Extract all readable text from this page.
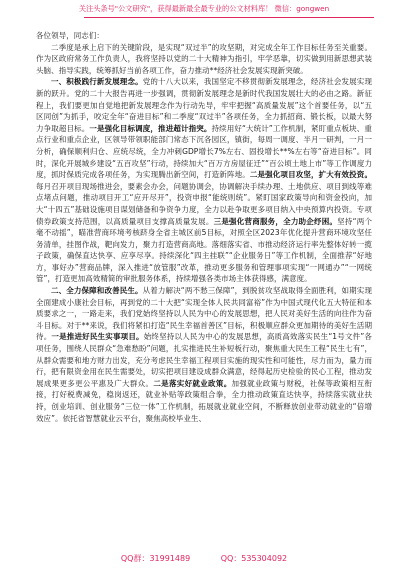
关注头条号"公文研究"，获得最新最全最专业的公文材料库！ 微信：gongwen

各位领导，同志们：

二季度是承上启下的关键阶段，是实现“双过半”的攻坚期，对完成全年工作目标任务至关重要。作为区政府常务工作负责人，我将坚持以党的二十大精神为指引，牢学恶靠，切实做到用新思想武装头脑、指导实践，统筹抓好当前各项工作，奋力推动**经济社会发展实现新突破。

一、积极践行新发展理念。党的十八大以来，我国坚定不移贯彻新发展理念，经济社会发展实现新的跃升。党的二十大报告再进一步强调，贯彻新发展理念是新时代我国发展壮大的必由之路。新征程上，我们要更加自觉地把新发展理念作为行动先导，牢牢把握“高质量发展”这个首要任务，以“五区同创”为抓手，咬定全年“奋进目标”和二季度“双过半”各项任务，全力抓招商、锻长板，以最大努力争取超目标。一是强化目标调度，推进超计指突。持续用好“大统计”工作机制，紧盯重点板块、重点行业和重点企业，区领导带领职能部门常态下沉各园区，镇街，每周一调度、半月一研判，一月一分析，确保顺利归仓、应统尽统，全力冲刺GDP增长7%左右、固投增长**%左右等“奋进目标”。同时，深化开展城乡建设“五百攻坚”行动，持续加大“百万方房屋征迁”“百公顷土地上市”等工作调度力度，抓时保质完成各项任务，为实现腾出新空间，打造新阵地。二是强化项目攻坚，扩大有效投资。每月召开项目现场推进会，要素会办会，问题协调会，协调解决手续办理、土地供应、项目到线等难点堵点问题，推动项目开工“应开尽开”，投资申报“能统则统”。紧盯国家政策导向和资金投向，加大“十四五”基础设施项目谋划储备和争资争力度，全力以赴争取更多项目纳入中央预算内投资。专项债券政策支持范围，以高质量项目支撑高质量发展。三是强化营商服务，全力助企纾困。坚持“两个毫不动摇”，瞄准营商环境考核跻身全省主城区前5目标，对照全区2023年优化提升营商环境攻坚任务清单，挂图作战，靶向发力，聚力打造营商高地。落细落实省、市推动经济运行率先整体好转一揽子政策，确保直达快享、应享尽享。持续深化“四主挂联”“企业服务日”等工作机制，全面推荐“好地方，事好办”营商品牌，深入推进“放管服”改革，推动更多服务和管理事项实现“一网通办”“一网统管”，打造更加高效精简的审批服务体系，持续增强各类市场主体获得感，满意度。

二、全力保障和改善民生。从着力解决“两不愁三保障”，到脱贫攻坚战取得全面胜利，如期实现全面建成小康社会目标，再到党的二十大把“实现全体人民共同富裕”作为中国式现代化五大特征和本质要求之一，一路走来，我们党始终坚持以人民为中心的发展思想，把人民对美好生活的向往作为奋斗目标。对于**来说，我们将紧扣打造“民生幸福首善区”目标，积极顺应群众更加期待的美好生活期待。一是推进好民生实事项目。始终坚持以人民为中心的发展思想，高质高效落实民生“1号文件”各项任务，围绕人民群众“急难愁盼”问题，扎实推进民生补短板行动，聚焦重大民生工程“民生七有”，从群众需要和地方财力出发，充分考虑民生幸福工程项目实施的现实性和可能性，尽力而为，量力而行，把有限资金用在民生需要处，切实把项目建设成群众满意，经得起历史检验的民心工程，推动发展成果更多更公平惠及广大群众。二是落实好就业政策。加强就业政策与财税，社保等政策相互衔接，打好税费减免，稳岗返还，就业补贴等政策组合拳，全力推动政策直达快享，持续落实就业扶持，创业培训、创业服务“三位一体”工作机制，拓展就业就业空间，不断释放创业带动就业的“倍增效应”。依托省智慧就业云平台，聚焦高校毕业生、

QQ群：31991489	QQ：535304092
